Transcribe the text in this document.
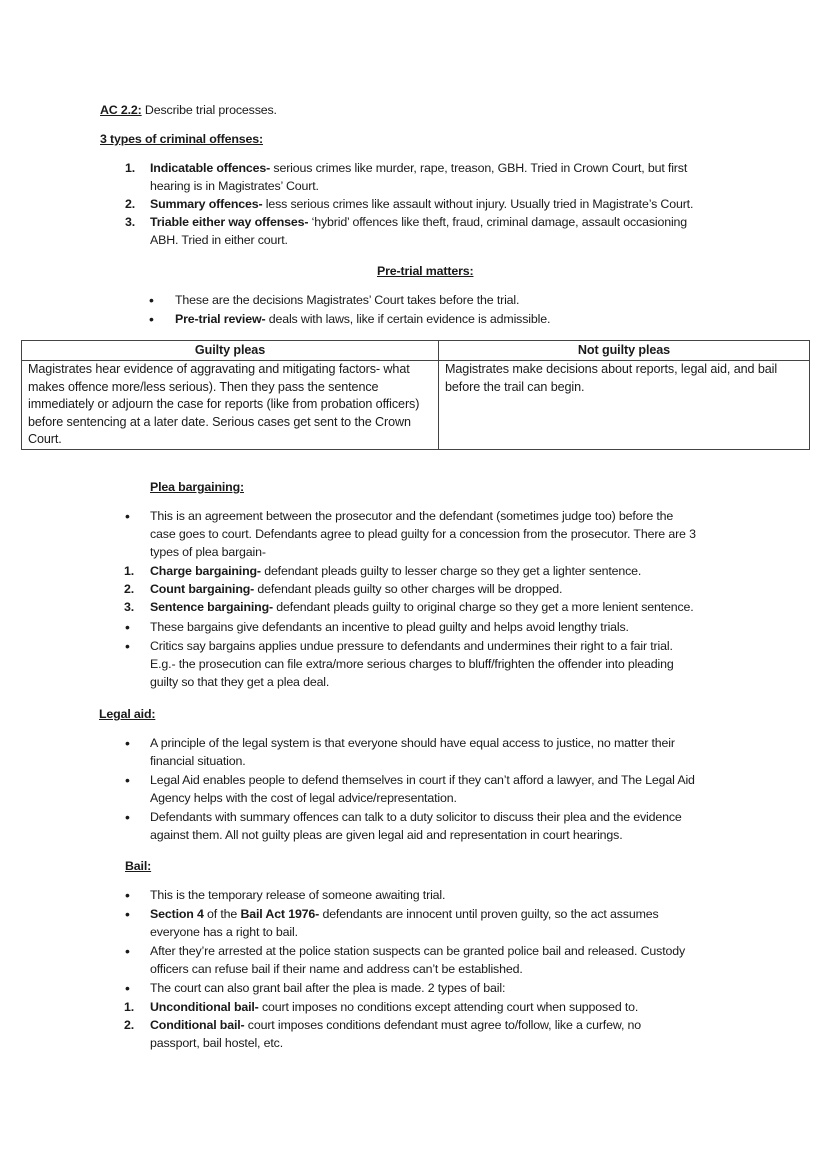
AC 2.2: Describe trial processes.
3 types of criminal offenses:
1. Indicatable offences- serious crimes like murder, rape, treason, GBH. Tried in Crown Court, but first
hearing is in Magistrates’ Court.
2. Summary offences- less serious crimes like assault without injury. Usually tried in Magistrate’s Court.
3. Triable either way offenses- ‘hybrid’ offences like theft, fraud, criminal damage, assault occasioning
ABH. Tried in either court.
Pre-trial matters:
• These are the decisions Magistrates’ Court takes before the trial.
• Pre-trial review- deals with laws, like if certain evidence is admissible.
Guilty pleas	Not guilty pleas
Magistrates hear evidence of aggravating and mitigating factors- what makes offence more/less serious). Then they pass the sentence immediately or adjourn the case for reports (like from probation officers) before sentencing at a later date. Serious cases get sent to the Crown Court.	Magistrates make decisions about reports, legal aid, and bail before the trail can begin.
Plea bargaining:
• This is an agreement between the prosecutor and the defendant (sometimes judge too) before the
case goes to court. Defendants agree to plead guilty for a concession from the prosecutor. There are 3
types of plea bargain-
1. Charge bargaining- defendant pleads guilty to lesser charge so they get a lighter sentence.
2. Count bargaining- defendant pleads guilty so other charges will be dropped.
3. Sentence bargaining- defendant pleads guilty to original charge so they get a more lenient sentence.
• These bargains give defendants an incentive to plead guilty and helps avoid lengthy trials.
• Critics say bargains applies undue pressure to defendants and undermines their right to a fair trial.
E.g.- the prosecution can file extra/more serious charges to bluff/frighten the offender into pleading
guilty so that they get a plea deal.
Legal aid:
• A principle of the legal system is that everyone should have equal access to justice, no matter their
financial situation.
• Legal Aid enables people to defend themselves in court if they can’t afford a lawyer, and The Legal Aid
Agency helps with the cost of legal advice/representation.
• Defendants with summary offences can talk to a duty solicitor to discuss their plea and the evidence
against them. All not guilty pleas are given legal aid and representation in court hearings.
Bail:
• This is the temporary release of someone awaiting trial.
• Section 4 of the Bail Act 1976- defendants are innocent until proven guilty, so the act assumes
everyone has a right to bail.
• After they’re arrested at the police station suspects can be granted police bail and released. Custody
officers can refuse bail if their name and address can’t be established.
• The court can also grant bail after the plea is made. 2 types of bail:
1. Unconditional bail- court imposes no conditions except attending court when supposed to.
2. Conditional bail- court imposes conditions defendant must agree to/follow, like a curfew, no
passport, bail hostel, etc.
